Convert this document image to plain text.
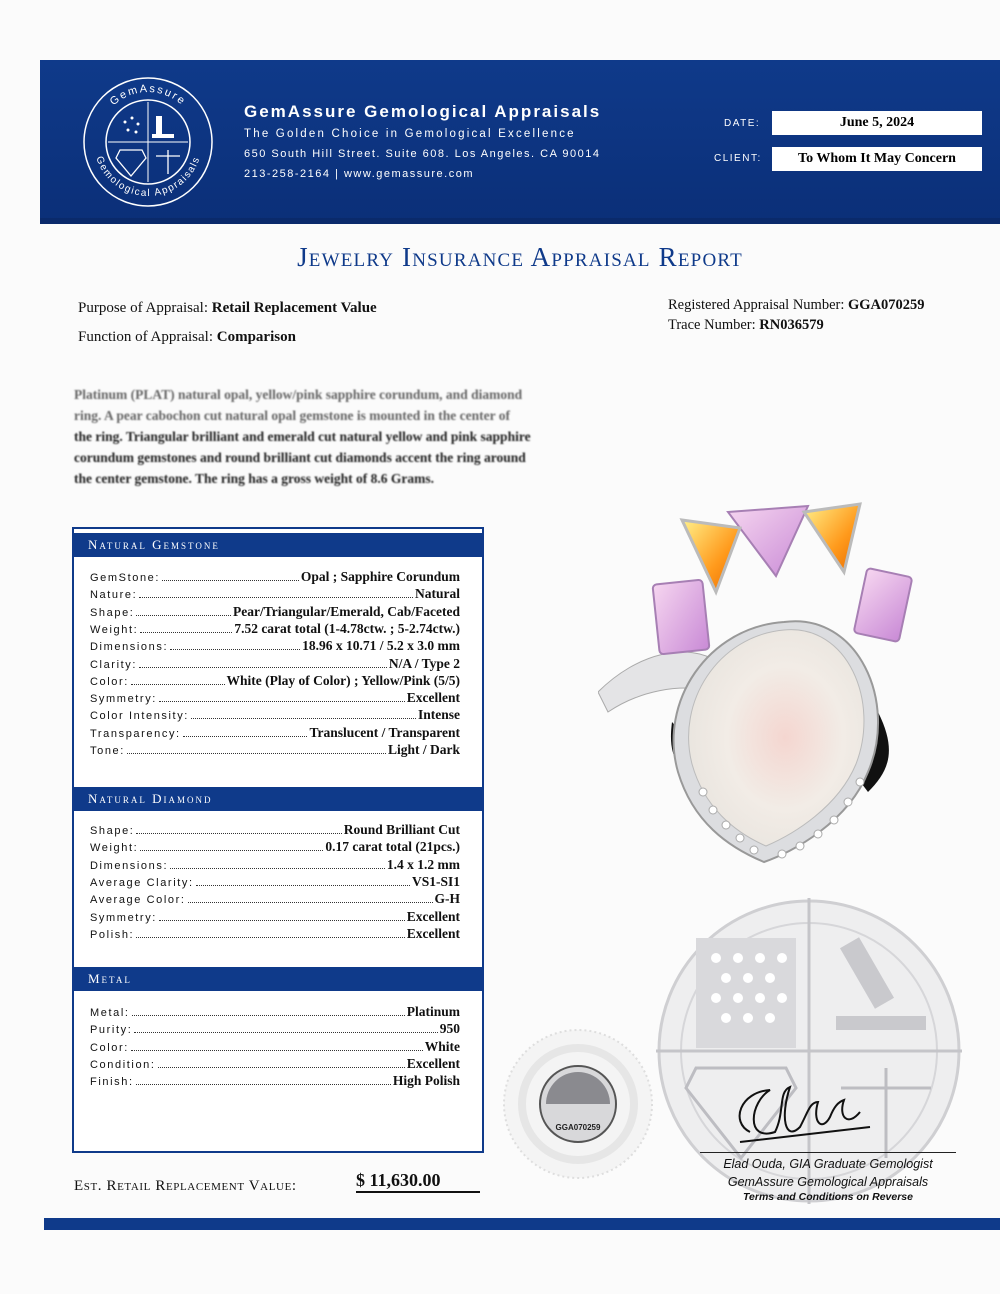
GemAssure
Gemological Appraisals
GemAssure Gemological Appraisals
The Golden Choice in Gemological Excellence
650 South Hill Street. Suite 608. Los Angeles. CA 90014
213-258-2164 | www.gemassure.com
DATE:	June 5, 2024
CLIENT:	To Whom It May Concern
Jewelry Insurance Appraisal Report
Purpose of Appraisal: Retail Replacement Value
Function of Appraisal: Comparison
Registered Appraisal Number: GGA070259
Trace Number: RN036579
Platinum (PLAT) natural opal, yellow/pink sapphire corundum, and diamond
ring. A pear cabochon cut natural opal gemstone is mounted in the center of
the ring. Triangular brilliant and emerald cut natural yellow and pink sapphire
corundum gemstones and round brilliant cut diamonds accent the ring around
the center gemstone. The ring has a gross weight of 8.6 Grams.
Natural Gemstone
GemStone:	Opal ; Sapphire Corundum
Nature:	Natural
Shape:	Pear/Triangular/Emerald, Cab/Faceted
Weight:	7.52 carat total (1-4.78ctw. ; 5-2.74ctw.)
Dimensions:	18.96 x 10.71 / 5.2 x 3.0 mm
Clarity:	N/A / Type 2
Color:	White (Play of Color) ; Yellow/Pink (5/5)
Symmetry:	Excellent
Color Intensity:	Intense
Transparency:	Translucent / Transparent
Tone:	Light / Dark
Natural Diamond
Shape:	Round Brilliant Cut
Weight:	0.17 carat total (21pcs.)
Dimensions:	1.4 x 1.2 mm
Average Clarity:	VS1-SI1
Average Color:	G-H
Symmetry:	Excellent
Polish:	Excellent
Metal
Metal:	Platinum
Purity:	950
Color:	White
Condition:	Excellent
Finish:	High Polish
Est. Retail Replacement Value:	$ 11,630.00
GGA070259
Elad Ouda, GIA Graduate Gemologist
GemAssure Gemological Appraisals
Terms and Conditions on Reverse
